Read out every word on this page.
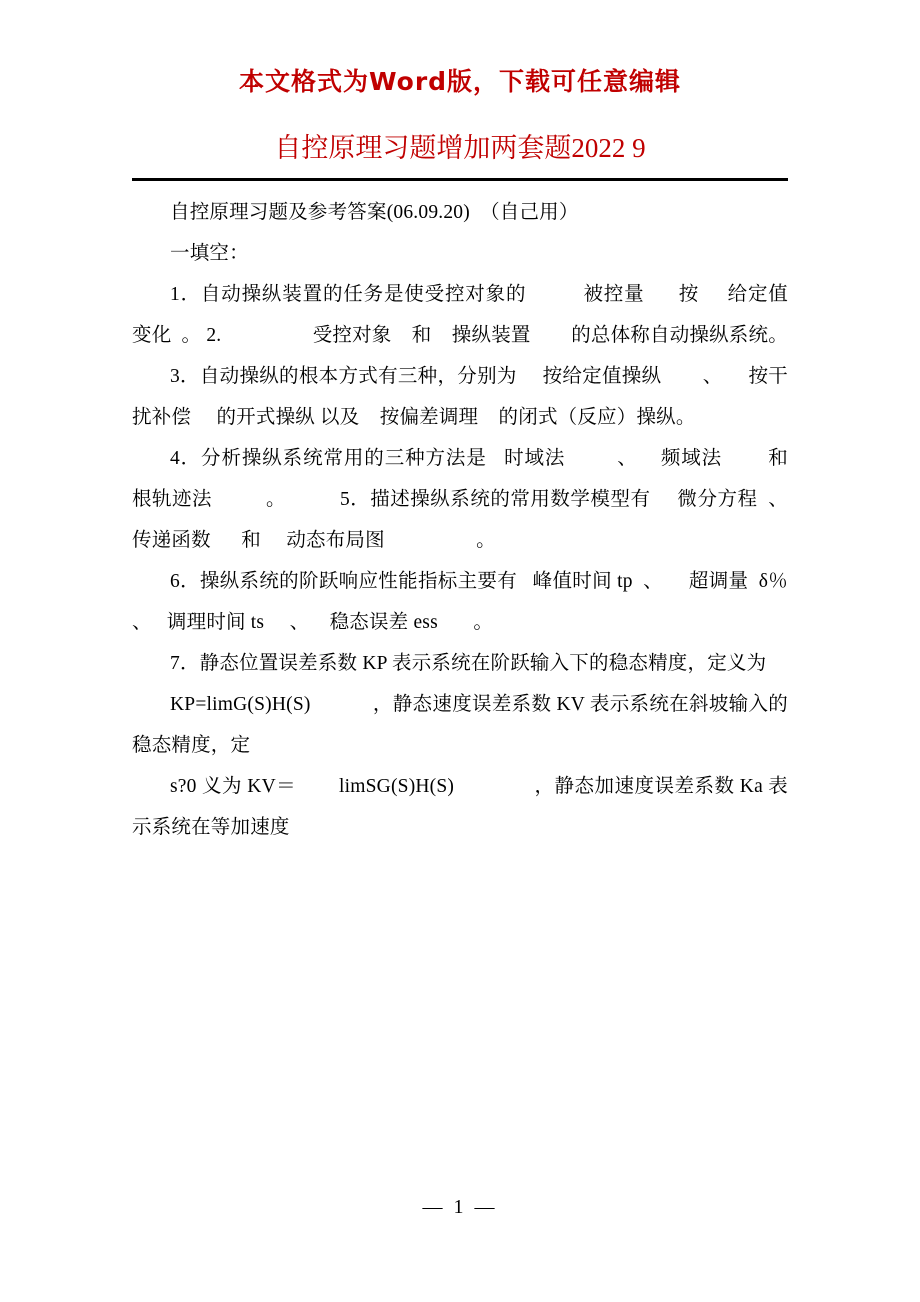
本文格式为Word版，下载可任意编辑
自控原理习题增加两套题2022 9
自控原理习题及参考答案(06.09.20)  （自己用）
一填空：
1．自动操纵装置的任务是使受控对象的          被控量      按     给定值     变化  。 2.                  受控对象    和    操纵装置        的总体称自动操纵系统。
3．自动操纵的根本方式有三种，分别为     按给定值操纵        、     按干扰补偿     的开式操纵 以及    按偏差调理    的闭式（反应）操纵。
4．分析操纵系统常用的三种方法是   时域法         、    频域法        和     根轨迹法          。          5．描述操纵系统的常用数学模型有     微分方程  、    传递函数      和     动态布局图                  。
6．操纵系统的阶跃响应性能指标主要有   峰值时间 tp  、     超调量  δ％ 、   调理时间 ts     、    稳态误差 ess       。
7．静态位置误差系数 KP 表示系统在阶跃输入下的稳态精度，定义为
KP=limG(S)H(S)            ，静态速度误差系数 KV 表示系统在斜坡输入的稳态精度，定
s?0 义为 KV＝        limSG(S)H(S)               ，静态加速度误差系数 Ka 表示系统在等加速度
— 1 —
